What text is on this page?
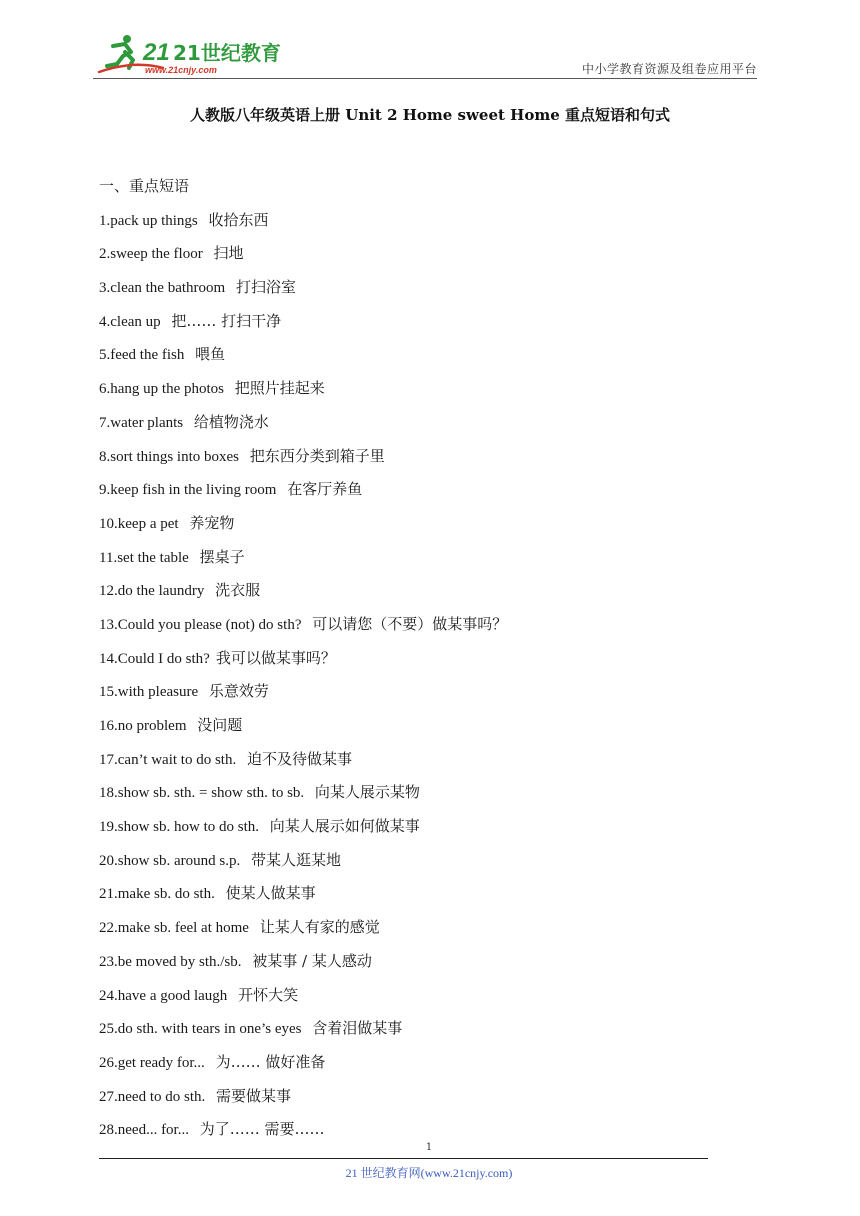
21 21世纪教育
www.21cnjy.com	中小学教育资源及组卷应用平台
人教版八年级英语上册 Unit 2 Home sweet Home 重点短语和句式
一、重点短语
1.pack up things 收拾东西
2.sweep the floor 扫地
3.clean the bathroom 打扫浴室
4.clean up 把…… 打扫干净
5.feed the fish 喂鱼
6.hang up the photos 把照片挂起来
7.water plants 给植物浇水
8.sort things into boxes 把东西分类到箱子里
9.keep fish in the living room 在客厅养鱼
10.keep a pet 养宠物
11.set the table 摆桌子
12.do the laundry 洗衣服
13.Could you please (not) do sth? 可以请您（不要）做某事吗？
14.Could I do sth? 我可以做某事吗？
15.with pleasure 乐意效劳
16.no problem 没问题
17.can’t wait to do sth. 迫不及待做某事
18.show sb. sth. = show sth. to sb. 向某人展示某物
19.show sb. how to do sth. 向某人展示如何做某事
20.show sb. around s.p. 带某人逛某地
21.make sb. do sth. 使某人做某事
22.make sb. feel at home 让某人有家的感觉
23.be moved by sth./sb. 被某事 / 某人感动
24.have a good laugh 开怀大笑
25.do sth. with tears in one’s eyes 含着泪做某事
26.get ready for... 为…… 做好准备
27.need to do sth. 需要做某事
28.need... for... 为了…… 需要……
1
21 世纪教育网(www.21cnjy.com)
